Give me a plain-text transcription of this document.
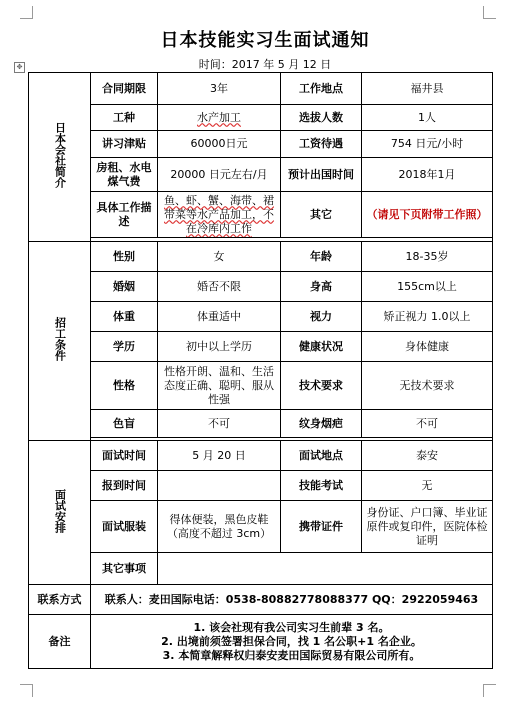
日本技能实习生面试通知
时间：2017 年 5 月 12 日
✥
日本会社简介	合同期限	3年	工作地点	福井县
	工种	水产加工	选拔人数	1人
	讲习津贴	60000日元	工资待遇	754 日元/小时
	房租、水电煤气费	20000 日元左右/月	预计出国时间	2018年1月
	具体工作描述	鱼、虾、蟹、海带、裙带菜等水产品加工，不在冷库内工作	其它	（请见下页附带工作照）

招工条件	性别	女	年龄	18-35岁
	婚姻	婚否不限	身高	155cm以上
	体重	体重适中	视力	矫正视力 1.0以上
	学历	初中以上学历	健康状况	身体健康
	性格	性格开朗、温和、生活态度正确、聪明、服从性强	技术要求	无技术要求
	色盲	不可	纹身烟疤	不可

面试安排	面试时间	5 月 20 日	面试地点	泰安
	报到时间		技能考试	无
	面试服装	得体便装，黑色皮鞋（高度不超过 3cm）	携带证件	身份证、户口簿、毕业证原件或复印件，医院体检证明
	其它事项			
联系方式	联系人：麦田国际电话：0538-80882778088377 QQ：2922059463			
备注	1. 该会社现有我公司实习生前辈 3 名。
2. 出境前须签署担保合同，找 1 名公职+1 名企业。
3. 本简章解释权归泰安麦田国际贸易有限公司所有。			
